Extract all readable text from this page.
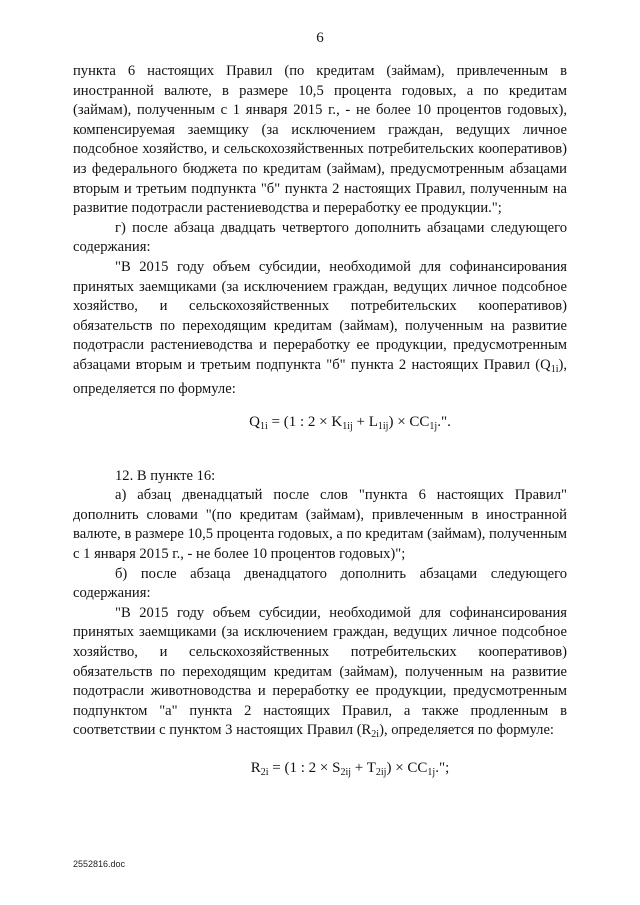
6

пункта 6 настоящих Правил (по кредитам (займам), привлеченным в иностранной валюте, в размере 10,5 процента годовых, а по кредитам (займам), полученным с 1 января 2015 г., - не более 10 процентов годовых), компенсируемая заемщику (за исключением граждан, ведущих личное подсобное хозяйство, и сельскохозяйственных потребительских кооперативов) из федерального бюджета по кредитам (займам), предусмотренным абзацами вторым и третьим подпункта "б" пункта 2 настоящих Правил, полученным на развитие подотрасли растениеводства и переработку ее продукции.";

г) после абзаца двадцать четвертого дополнить абзацами следующего содержания:

"В 2015 году объем субсидии, необходимой для софинансирования принятых заемщиками (за исключением граждан, ведущих личное подсобное хозяйство, и сельскохозяйственных потребительских кооперативов) обязательств по переходящим кредитам (займам), полученным на развитие подотрасли растениеводства и переработку ее продукции, предусмотренным абзацами вторым и третьим подпункта "б" пункта 2 настоящих Правил $(Q_{1i})$, определяется по формуле:

$Q_{1i} = (1$ : $2 \times K_{1ij} + L_{1ij}) \times CC_{1j}$.".

12. В пункте 16:

а) абзац двенадцатый после слов "пункта 6 настоящих Правил" дополнить словами "(по кредитам (займам), привлеченным в иностранной валюте, в размере 10,5 процента годовых, а по кредитам (займам), полученным с 1 января 2015 г., - не более 10 процентов годовых)";

б) после абзаца двенадцатого дополнить абзацами следующего содержания:

"В 2015 году объем субсидии, необходимой для софинансирования принятых заемщиками (за исключением граждан, ведущих личное подсобное хозяйство, и сельскохозяйственных потребительских кооперативов) обязательств по переходящим кредитам (займам), полученным на развитие подотрасли животноводства и переработку ее продукции, предусмотренным подпунктом "а" пункта 2 настоящих Правил, а также продленным в соответствии с пунктом 3 настоящих Правил $(R_{2i})$, определяется по формуле:

$R_{2i} = (1$ : $2 \times S_{2ij} + T_{2ij}) \times CC_{1j}$.";
2552816.doc
